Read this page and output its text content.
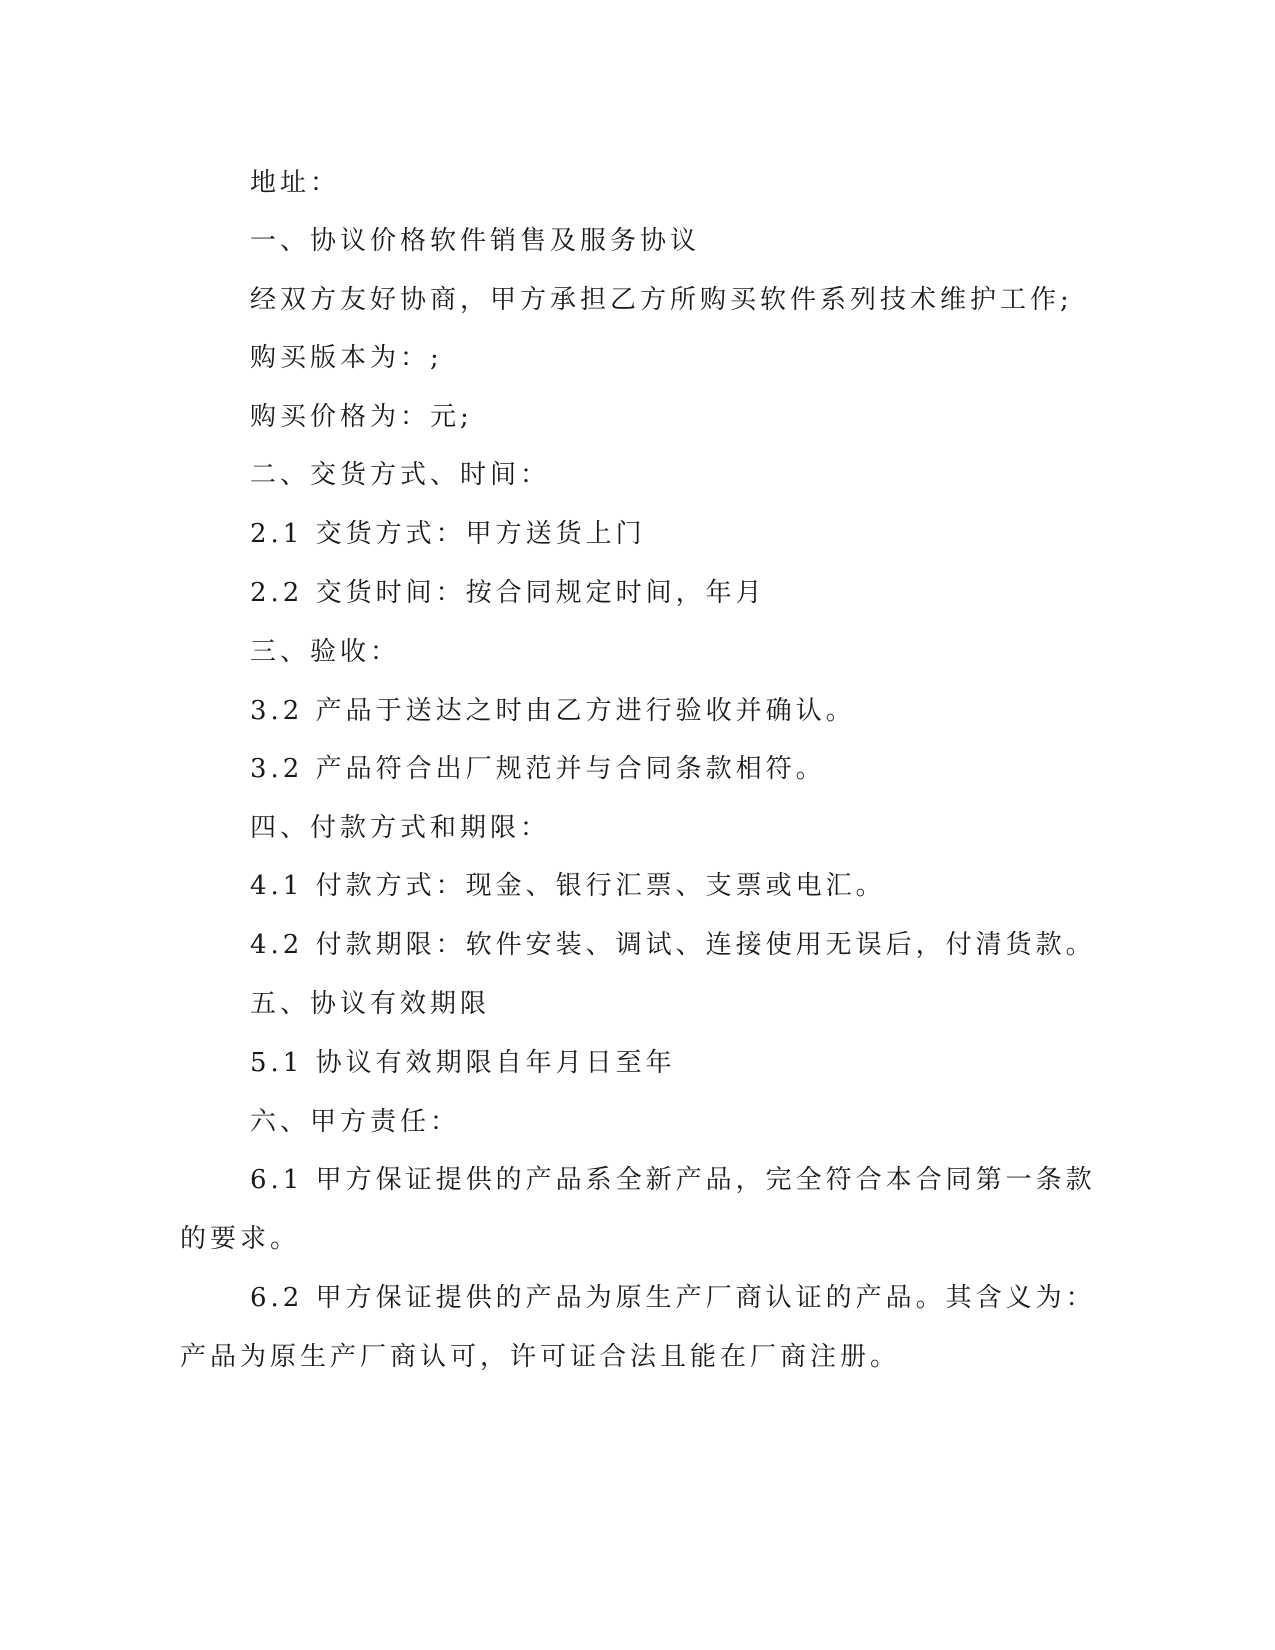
地址：
一、协议价格软件销售及服务协议
经双方友好协商，甲方承担乙方所购买软件系列技术维护工作;
购买版本为：;
购买价格为：元;
二、交货方式、时间：
2.1 交货方式：甲方送货上门
2.2 交货时间：按合同规定时间，年月
三、验收：
3.2 产品于送达之时由乙方进行验收并确认。
3.2 产品符合出厂规范并与合同条款相符。
四、付款方式和期限：
4.1 付款方式：现金、银行汇票、支票或电汇。
4.2 付款期限：软件安装、调试、连接使用无误后，付清货款。
五、协议有效期限
5.1 协议有效期限自年月日至年
六、甲方责任：
6.1 甲方保证提供的产品系全新产品，完全符合本合同第一条款
的要求。
6.2 甲方保证提供的产品为原生产厂商认证的产品。其含义为：
产品为原生产厂商认可，许可证合法且能在厂商注册。
